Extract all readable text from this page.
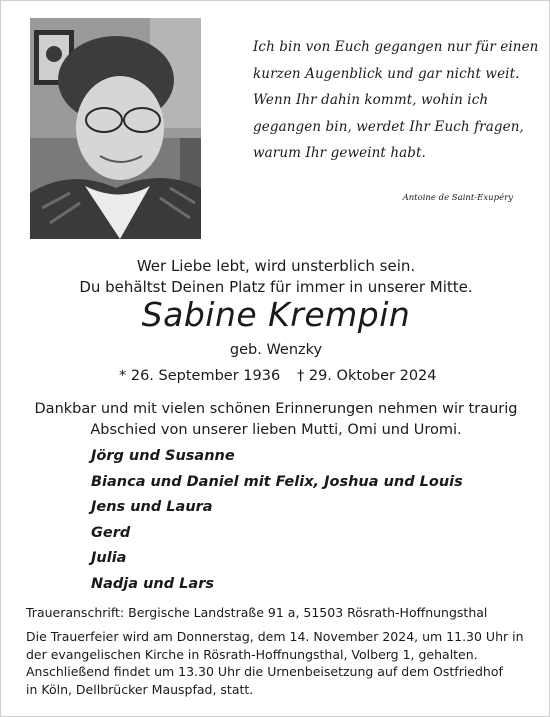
Ich bin von Euch gegangen nur für einen
kurzen Augenblick und gar nicht weit.
Wenn Ihr dahin kommt, wohin ich
gegangen bin, werdet Ihr Euch fragen,
warum Ihr geweint habt.
Antoine de Saint-Exupéry
Wer Liebe lebt, wird unsterblich sein.
Du behältst Deinen Platz für immer in unserer Mitte.
Sabine Krempin
geb. Wenzky
* 26. September 1936 † 29. Oktober 2024
Dankbar und mit vielen schönen Erinnerungen nehmen wir traurig
Abschied von unserer lieben Mutti, Omi und Uromi.
Jörg und Susanne
Bianca und Daniel mit Felix, Joshua und Louis
Jens und Laura
Gerd
Julia
Nadja und Lars
Traueranschrift: Bergische Landstraße 91 a, 51503 Rösrath-Hoffnungsthal
Die Trauerfeier wird am Donnerstag, dem 14. November 2024, um 11.30 Uhr in
der evangelischen Kirche in Rösrath-Hoffnungsthal, Volberg 1, gehalten.
Anschließend findet um 13.30 Uhr die Urnenbeisetzung auf dem Ostfriedhof
in Köln, Dellbrücker Mauspfad, statt.
